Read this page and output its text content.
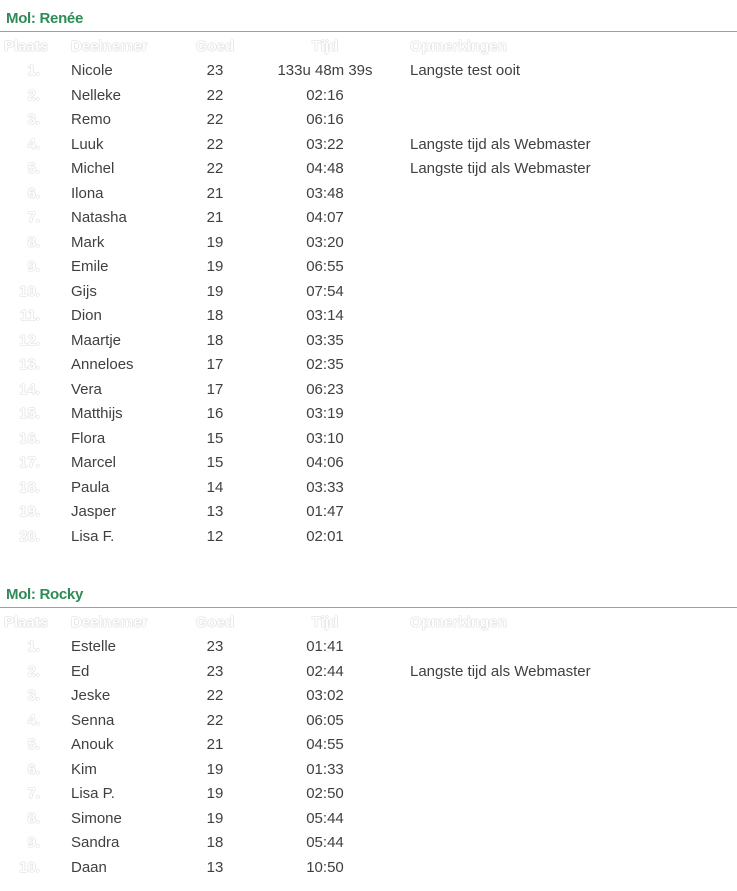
Mol: Renée
Plaats Deelnemer	Goed	Tijd	Opmerkingen
1. Nicole	23	133u 48m 39s	Langste test ooit
2. Nelleke	22	02:16
3. Remo	22	06:16
4. Luuk	22	03:22	Langste tijd als Webmaster
5. Michel	22	04:48	Langste tijd als Webmaster
6. Ilona	21	03:48
7. Natasha	21	04:07
8. Mark	19	03:20
9. Emile	19	06:55
10. Gijs	19	07:54
11. Dion	18	03:14
12. Maartje	18	03:35
13. Anneloes	17	02:35
14. Vera	17	06:23
15. Matthijs	16	03:19
16. Flora	15	03:10
17. Marcel	15	04:06
18. Paula	14	03:33
19. Jasper	13	01:47
20. Lisa F.	12	02:01
Mol: Rocky
Plaats Deelnemer	Goed	Tijd	Opmerkingen
1. Estelle	23	01:41
2. Ed	23	02:44	Langste tijd als Webmaster
3. Jeske	22	03:02
4. Senna	22	06:05
5. Anouk	21	04:55
6. Kim	19	01:33
7. Lisa P.	19	02:50
8. Simone	19	05:44
9. Sandra	18	05:44
10. Daan	13	10:50
